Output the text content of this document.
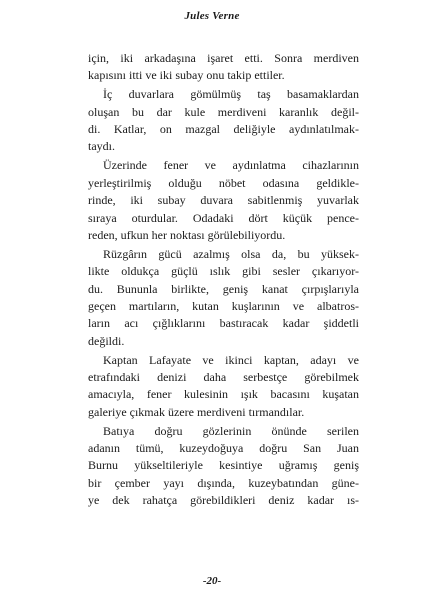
Jules Verne
için, iki arkadaşına işaret etti. Sonra merdiven
kapısını itti ve iki subay onu takip ettiler.
İç duvarlara gömülmüş taş basamaklardan
oluşan bu dar kule merdiveni karanlık değil-
di. Katlar, on mazgal deliğiyle aydınlatılmak-
taydı.
Üzerinde fener ve aydınlatma cihazlarının
yerleştirilmiş olduğu nöbet odasına geldikle-
rinde, iki subay duvara sabitlenmiş yuvarlak
sıraya oturdular. Odadaki dört küçük pence-
reden, ufkun her noktası görülebiliyordu.
Rüzgârın gücü azalmış olsa da, bu yüksek-
likte oldukça güçlü ıslık gibi sesler çıkarıyor-
du. Bununla birlikte, geniş kanat çırpışlarıyla
geçen martıların, kutan kuşlarının ve albatros-
ların acı çığlıklarını bastıracak kadar şiddetli
değildi.
Kaptan Lafayate ve ikinci kaptan, adayı ve
etrafındaki denizi daha serbestçe görebilmek
amacıyla, fener kulesinin ışık bacasını kuşatan
galeriye çıkmak üzere merdiveni tırmandılar.
Batıya doğru gözlerinin önünde serilen
adanın tümü, kuzeydoğuya doğru San Juan
Burnu yükseltileriyle kesintiye uğramış geniş
bir çember yayı dışında, kuzeybatından güne-
ye dek rahatça görebildikleri deniz kadar ıs-
-20-
